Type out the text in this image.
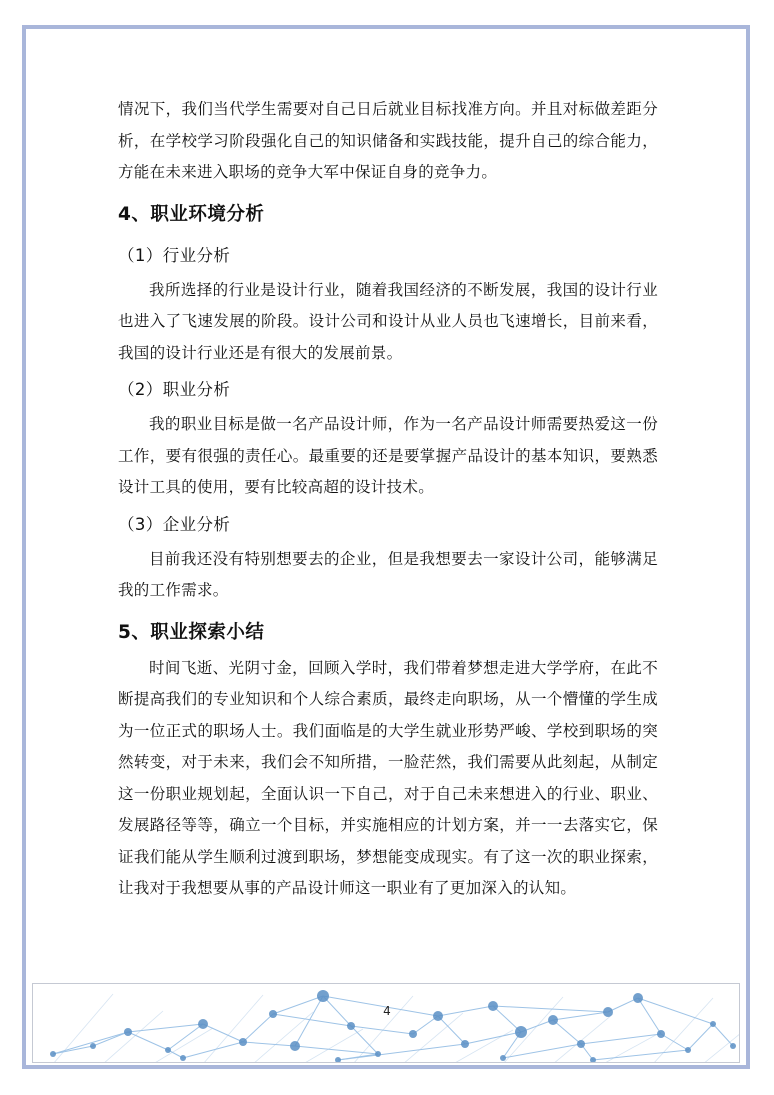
情况下，我们当代学生需要对自己日后就业目标找准方向。并且对标做差距分析，在学校学习阶段强化自己的知识储备和实践技能，提升自己的综合能力，方能在未来进入职场的竞争大军中保证自身的竞争力。

4、职业环境分析
（1）行业分析

我所选择的行业是设计行业，随着我国经济的不断发展，我国的设计行业也进入了飞速发展的阶段。设计公司和设计从业人员也飞速增长，目前来看，我国的设计行业还是有很大的发展前景。

（2）职业分析

我的职业目标是做一名产品设计师，作为一名产品设计师需要热爱这一份工作，要有很强的责任心。最重要的还是要掌握产品设计的基本知识，要熟悉设计工具的使用，要有比较高超的设计技术。

（3）企业分析

目前我还没有特别想要去的企业，但是我想要去一家设计公司，能够满足我的工作需求。

5、职业探索小结

时间飞逝、光阴寸金，回顾入学时，我们带着梦想走进大学学府，在此不断提高我们的专业知识和个人综合素质，最终走向职场，从一个懵懂的学生成为一位正式的职场人士。我们面临是的大学生就业形势严峻、学校到职场的突然转变，对于未来，我们会不知所措，一脸茫然，我们需要从此刻起，从制定这一份职业规划起，全面认识一下自己，对于自己未来想进入的行业、职业、发展路径等等，确立一个目标，并实施相应的计划方案，并一一去落实它，保证我们能从学生顺利过渡到职场，梦想能变成现实。有了这一次的职业探索，让我对于我想要从事的产品设计师这一职业有了更加深入的认知。

4
